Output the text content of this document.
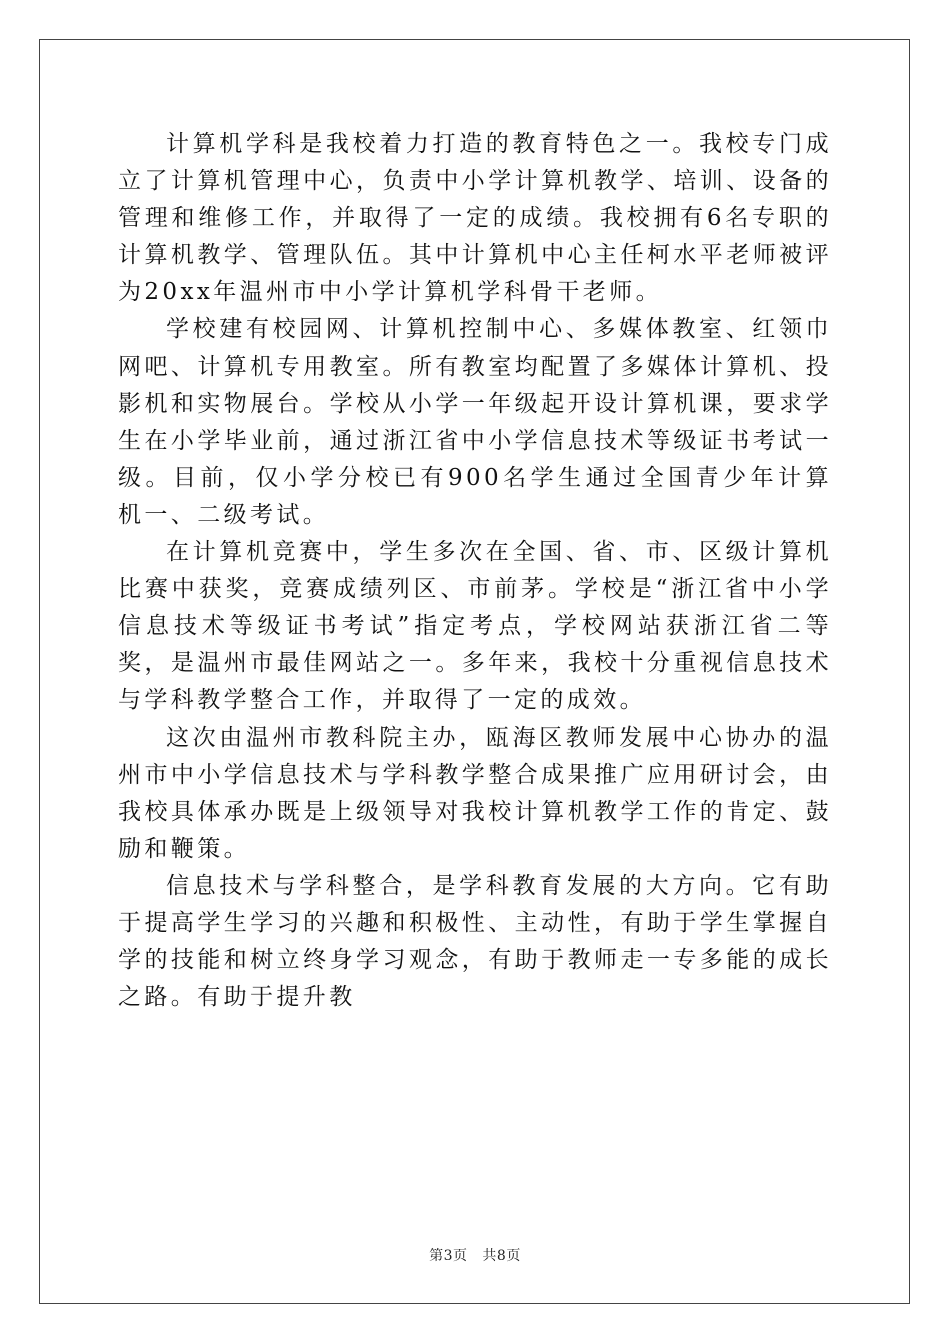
计算机学科是我校着力打造的教育特色之一。我校专门成立了计算机管理中心，负责中小学计算机教学、培训、设备的管理和维修工作，并取得了一定的成绩。我校拥有6名专职的计算机教学、管理队伍。其中计算机中心主任柯水平老师被评为20xx年温州市中小学计算机学科骨干老师。

学校建有校园网、计算机控制中心、多媒体教室、红领巾网吧、计算机专用教室。所有教室均配置了多媒体计算机、投影机和实物展台。学校从小学一年级起开设计算机课，要求学生在小学毕业前，通过浙江省中小学信息技术等级证书考试一级。目前，仅小学分校已有900名学生通过全国青少年计算机一、二级考试。

在计算机竞赛中，学生多次在全国、省、市、区级计算机比赛中获奖，竞赛成绩列区、市前茅。学校是“浙江省中小学信息技术等级证书考试”指定考点，学校网站获浙江省二等奖，是温州市最佳网站之一。多年来，我校十分重视信息技术与学科教学整合工作，并取得了一定的成效。

这次由温州市教科院主办，瓯海区教师发展中心协办的温州市中小学信息技术与学科教学整合成果推广应用研讨会，由我校具体承办既是上级领导对我校计算机教学工作的肯定、鼓励和鞭策。

信息技术与学科整合，是学科教育发展的大方向。它有助于提高学生学习的兴趣和积极性、主动性，有助于学生掌握自学的技能和树立终身学习观念，有助于教师走一专多能的成长之路。有助于提升教

第3页 共8页
